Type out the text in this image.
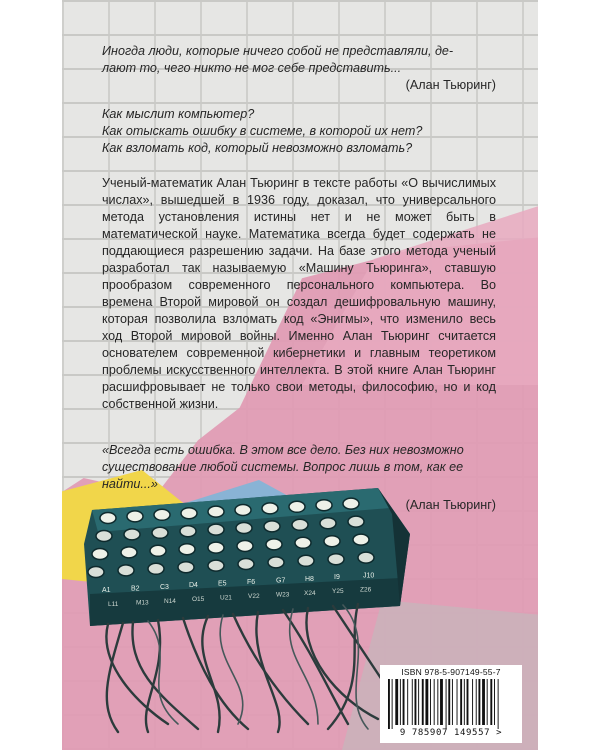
Иногда люди, которые ничего собой не представляли, де-
лают то, чего никто не мог себе представить...
(Алан Тьюринг)
Как мыслит компьютер?
Как отыскать ошибку в системе, в которой их нет?
Как взломать код, который невозможно взломать?
Ученый-математик Алан Тьюринг в тексте работы «О вычислимых числах», вышедшей в 1936 году, доказал, что универсального метода установления истины нет и не может быть в математической науке. Математика всегда будет содержать не поддающиеся разрешению задачи. На базе этого метода ученый разработал так называемую «Машину Тьюринга», ставшую прообразом современного персонального компьютера. Во времена Второй мировой он создал дешифровальную машину, которая позволила взломать код «Энигмы», что изменило весь ход Второй мировой войны. Именно Алан Тьюринг считается основателем современной кибернетики и главным теоретиком проблемы искусственного интеллекта. В этой книге Алан Тьюринг расшифровывает не только свои методы, философию, но и код собственной жизни.
«Всегда есть ошибка. В этом все дело. Без них невозможно существование любой системы. Вопрос лишь в том, как ее найти...»
(Алан Тьюринг)
A1	B2	C3	D4	E5	F6	G7	H8	I9	J10
L11	M13 N14 O15 U21 V22	W23 X24	Y25	Z26
ISBN 978-5-907149-55-7
9 785907 149557 >
